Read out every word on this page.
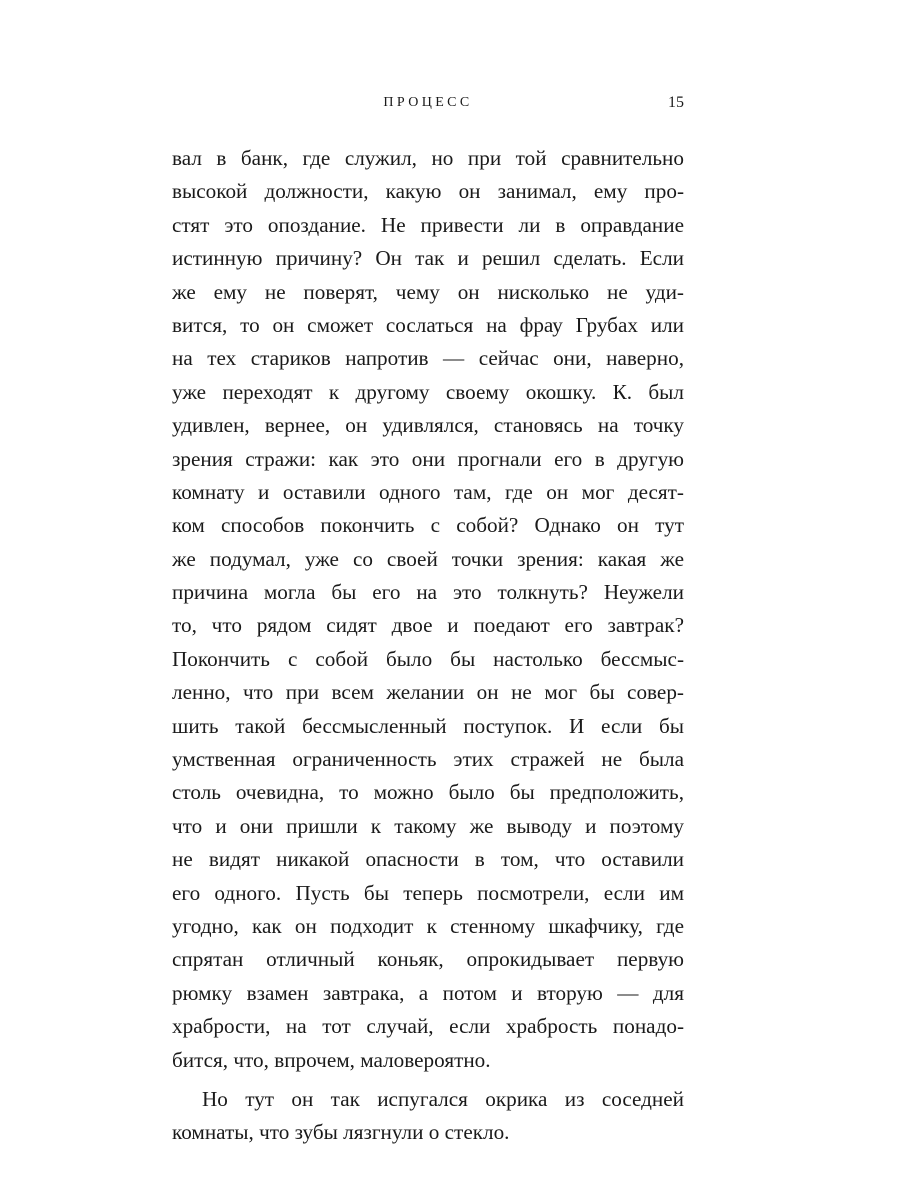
ПРОЦЕСС	15
вал в банк, где служил, но при той сравнительно
высокой должности, какую он занимал, ему про-
стят это опоздание. Не привести ли в оправдание
истинную причину? Он так и решил сделать. Если
же ему не поверят, чему он нисколько не уди-
вится, то он сможет сослаться на фрау Грубах или
на тех стариков напротив — сейчас они, наверно,
уже переходят к другому своему окошку. К. был
удивлен, вернее, он удивлялся, становясь на точку
зрения стражи: как это они прогнали его в другую
комнату и оставили одного там, где он мог десят-
ком способов покончить с собой? Однако он тут
же подумал, уже со своей точки зрения: какая же
причина могла бы его на это толкнуть? Неужели
то, что рядом сидят двое и поедают его завтрак?
Покончить с собой было бы настолько бессмыс-
ленно, что при всем желании он не мог бы совер-
шить такой бессмысленный поступок. И если бы
умственная ограниченность этих стражей не была
столь очевидна, то можно было бы предположить,
что и они пришли к такому же выводу и поэтому
не видят никакой опасности в том, что оставили
его одного. Пусть бы теперь посмотрели, если им
угодно, как он подходит к стенному шкафчику, где
спрятан отличный коньяк, опрокидывает первую
рюмку взамен завтрака, а потом и вторую — для
храбрости, на тот случай, если храбрость понадо-
бится, что, впрочем, маловероятно.
Но тут он так испугался окрика из соседней
комнаты, что зубы лязгнули о стекло.
